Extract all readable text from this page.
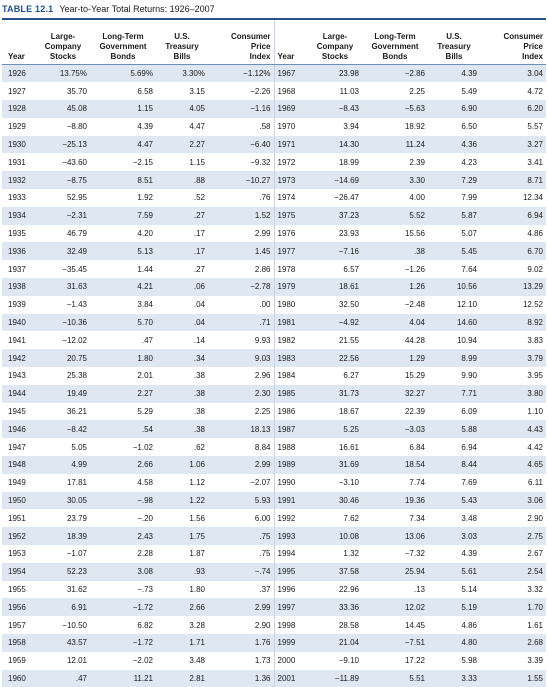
TABLE 12.1 Year-to-Year Total Returns: 1926–2007
Year	Large-
Company
Stocks	Long-Term
Government
Bonds	U.S.
Treasury
Bills	Consumer
Price
Index	Year	Large-
Company
Stocks	Long-Term
Government
Bonds	U.S.
Treasury
Bills	Consumer
Price
Index
1926	13.75%	5.69%	3.30%	−1.12%	1967	23.98	−2.86	4.39	3.04
1927	35.70	6.58	3.15	−2.26	1968	11.03	2.25	5.49	4.72
1928	45.08	1.15	4.05	−1.16	1969	−8.43	−5.63	6.90	6.20
1929	−8.80	4.39	4.47	.58	1970	3.94	18.92	6.50	5.57
1930	−25.13	4.47	2.27	−6.40	1971	14.30	11.24	4.36	3.27
1931	−43.60	−2.15	1.15	−9.32	1972	18.99	2.39	4.23	3.41
1932	−8.75	8.51	.88	−10.27	1973	−14.69	3.30	7.29	8.71
1933	52.95	1.92	.52	.76	1974	−26.47	4.00	7.99	12.34
1934	−2.31	7.59	.27	1.52	1975	37.23	5.52	5.87	6.94
1935	46.79	4.20	.17	2.99	1976	23.93	15.56	5.07	4.86
1936	32.49	5.13	.17	1.45	1977	−7.16	.38	5.45	6.70
1937	−35.45	1.44	.27	2.86	1978	6.57	−1.26	7.64	9.02
1938	31.63	4.21	.06	−2.78	1979	18.61	1.26	10.56	13.29
1939	−1.43	3.84	.04	.00	1980	32.50	−2.48	12.10	12.52
1940	−10.36	5.70	.04	.71	1981	−4.92	4.04	14.60	8.92
1941	−12.02	.47	.14	9.93	1982	21.55	44.28	10.94	3.83
1942	20.75	1.80	.34	9.03	1983	22.56	1.29	8.99	3.79
1943	25.38	2.01	.38	2.96	1984	6.27	15.29	9.90	3.95
1944	19.49	2.27	.38	2.30	1985	31.73	32.27	7.71	3.80
1945	36.21	5.29	.38	2.25	1986	18.67	22.39	6.09	1.10
1946	−8.42	.54	.38	18.13	1987	5.25	−3.03	5.88	4.43
1947	5.05	−1.02	.62	8.84	1988	16.61	6.84	6.94	4.42
1948	4.99	2.66	1.06	2.99	1989	31.69	18.54	8.44	4.65
1949	17.81	4.58	1.12	−2.07	1990	−3.10	7.74	7.69	6.11
1950	30.05	−.98	1.22	5.93	1991	30.46	19.36	5.43	3.06
1951	23.79	−.20	1.56	6.00	1992	7.62	7.34	3.48	2.90
1952	18.39	2.43	1.75	.75	1993	10.08	13.06	3.03	2.75
1953	−1.07	2.28	1.87	.75	1994	1.32	−7.32	4.39	2.67
1954	52.23	3.08	.93	−.74	1995	37.58	25.94	5.61	2.54
1955	31.62	−.73	1.80	.37	1996	22.96	.13	5.14	3.32
1956	6.91	−1.72	2.66	2.99	1997	33.36	12.02	5.19	1.70
1957	−10.50	6.82	3.28	2.90	1998	28.58	14.45	4.86	1.61
1958	43.57	−1.72	1.71	1.76	1999	21.04	−7.51	4.80	2.68
1959	12.01	−2.02	3.48	1.73	2000	−9.10	17.22	5.98	3.39
1960	.47	11.21	2.81	1.36	2001	−11.89	5.51	3.33	1.55
